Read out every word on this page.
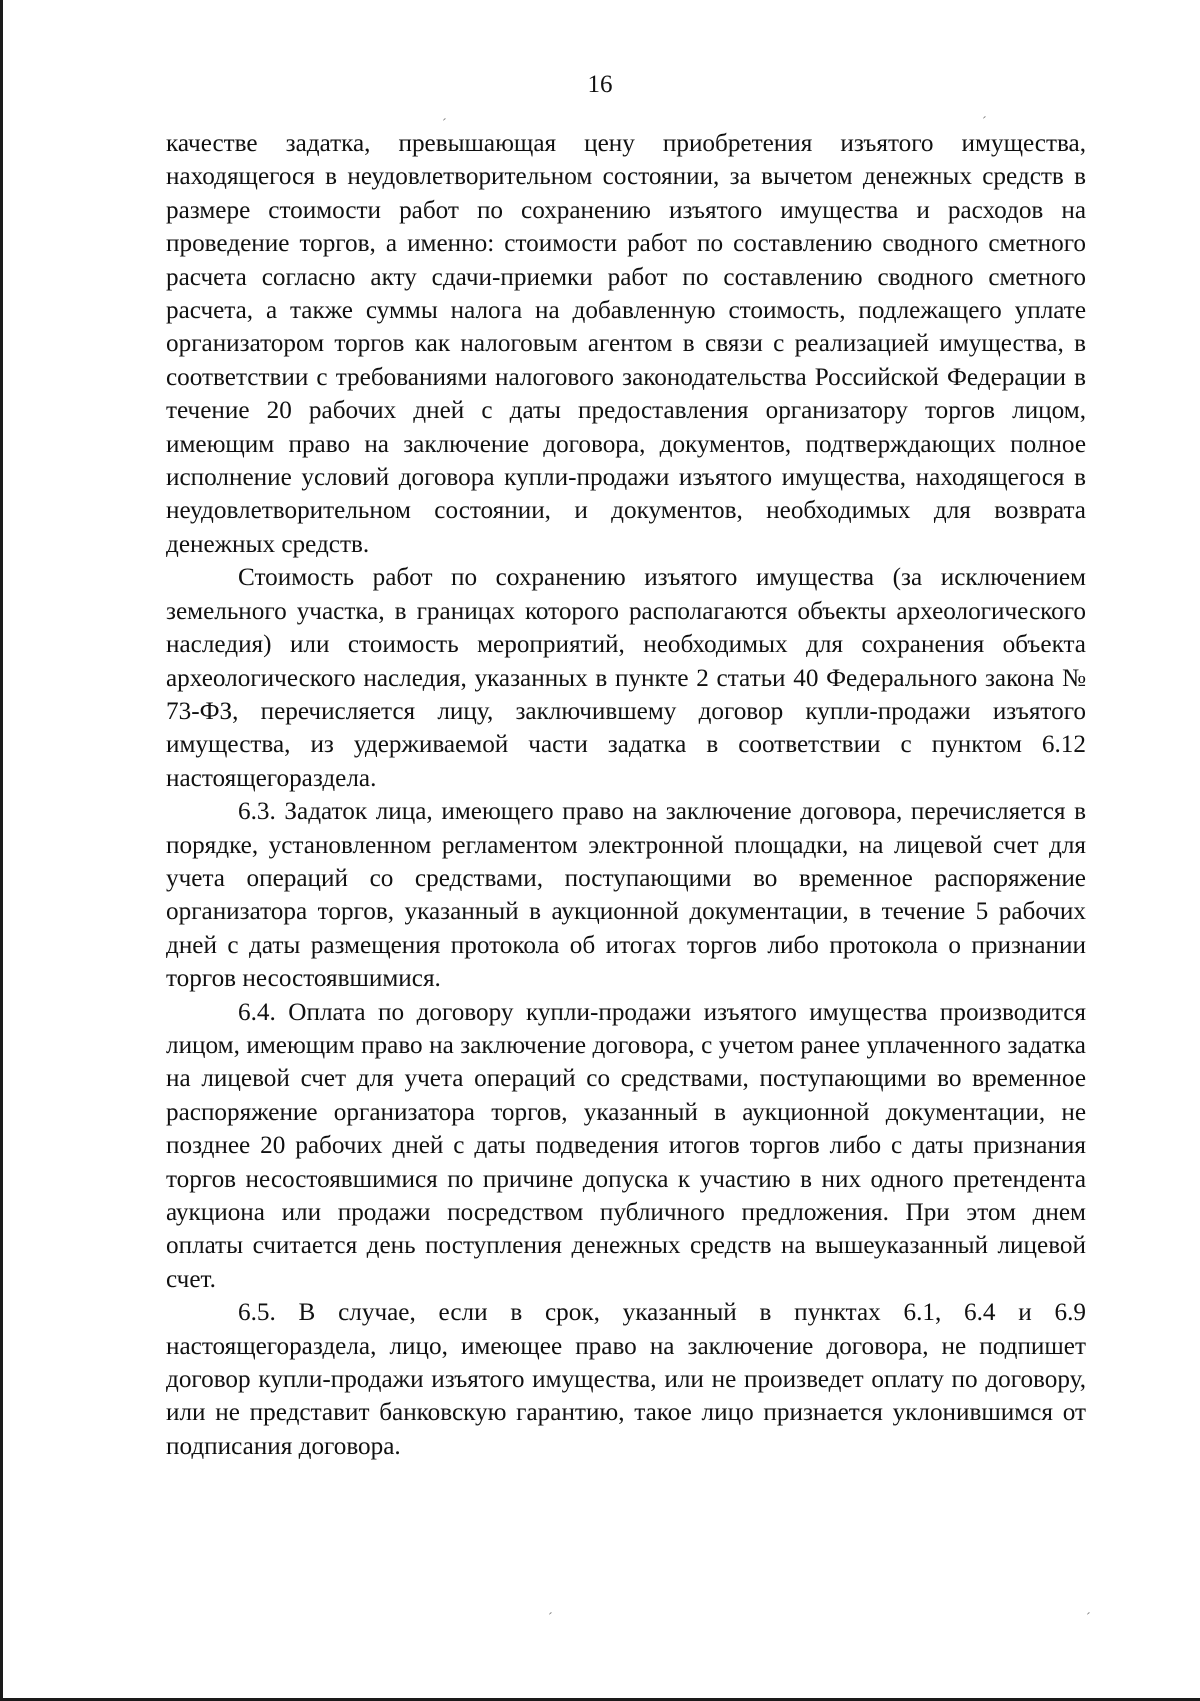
16
ˊ	ˊ
ˊ	ˊ

качестве задатка, превышающая цену приобретения изъятого имущества, находящегося в неудовлетворительном состоянии, за вычетом денежных средств в размере стоимости работ по сохранению изъятого имущества и расходов на проведение торгов, а именно: стоимости работ по составлению сводного сметного расчета согласно акту сдачи-приемки работ по составлению сводного сметного расчета, а также суммы налога на добавленную стоимость, подлежащего уплате организатором торгов как налоговым агентом в связи с реализацией имущества, в соответствии с требованиями налогового законодательства Российской Федерации в течение 20 рабочих дней с даты предоставления организатору торгов лицом, имеющим право на заключение договора, документов, подтверждающих полное исполнение условий договора купли-продажи изъятого имущества, находящегося в неудовлетворительном состоянии, и документов, необходимых для возврата денежных средств.

Стоимость работ по сохранению изъятого имущества (за исключением земельного участка, в границах которого располагаются объекты археологического наследия) или стоимость мероприятий, необходимых для сохранения объекта археологического наследия, указанных в пункте 2 статьи 40 Федерального закона № 73-ФЗ, перечисляется лицу, заключившему договор купли-продажи изъятого имущества, из удерживаемой части задатка в соответствии с пунктом 6.12 настоящегораздела.

6.3. Задаток лица, имеющего право на заключение договора, перечисляется в порядке, установленном регламентом электронной площадки, на лицевой счет для учета операций со средствами, поступающими во временное распоряжение организатора торгов, указанный в аукционной документации, в течение 5 рабочих дней с даты размещения протокола об итогах торгов либо протокола о признании торгов несостоявшимися.

6.4. Оплата по договору купли-продажи изъятого имущества производится лицом, имеющим право на заключение договора, с учетом ранее уплаченного задатка на лицевой счет для учета операций со средствами, поступающими во временное распоряжение организатора торгов, указанный в аукционной документации, не позднее 20 рабочих дней с даты подведения итогов торгов либо с даты признания торгов несостоявшимися по причине допуска к участию в них одного претендента аукциона или продажи посредством публичного предложения. При этом днем оплаты считается день поступления денежных средств на вышеуказанный лицевой счет.

6.5. В случае, если в срок, указанный в пунктах 6.1, 6.4 и 6.9 настоящегораздела, лицо, имеющее право на заключение договора, не подпишет договор купли-продажи изъятого имущества, или не произведет оплату по договору, или не представит банковскую гарантию, такое лицо признается уклонившимся от подписания договора.
